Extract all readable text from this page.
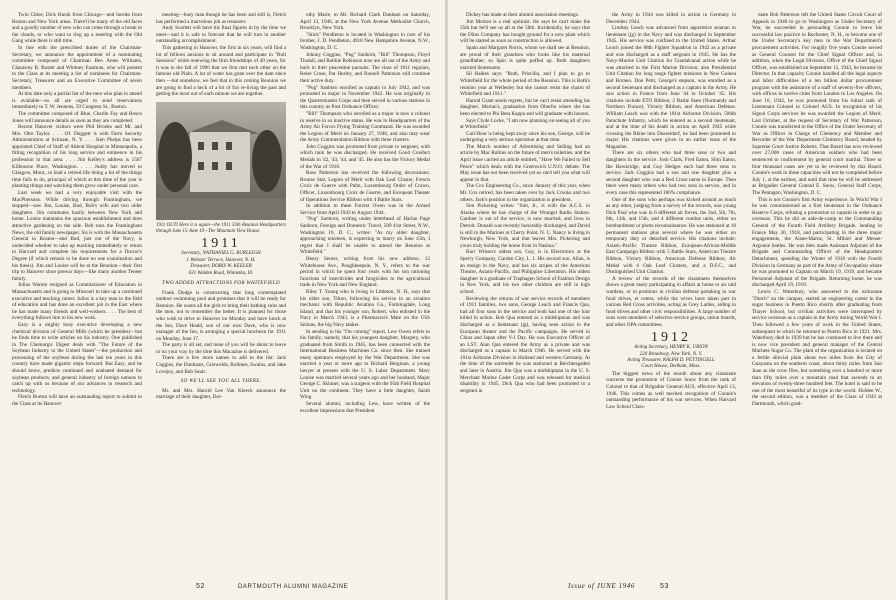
Twin Cities; Dick Hursh from Chicago—and hordes from Boston and New York areas. There'll be many of the old faces and a goodly number of new who can come through a break in the clouds, or who want to ring up a meeting with the Old Gang while there is still time.

In line with the prescribed duties of the Chairman-Secretary, we announce the appointment of a nominating committee composed of Chairman Ben Ames Williams, Chauncey B. Baxter and Whitney Eastman, who will present to the Class at its meeting a list of nominees for Chairman-Secretary, Treasurer and an Executive Committee of seven members.

At this date only a partial list of the men who plan to attend is available—so all are urged to send reservations immediately to T. W. Jennens, 59 Congress St., Boston.

The committee composed of Blue, Charlie Fay and Bosco Jones will announce details as soon as they are completed.

Recent Hanover visitors were Phil Brooks and Mr. and Mrs. Otto Taylor. . . . Of. Doggett is with Farm Security Administration at Scituate, N. Y. . . . Ken Phelps has been appointed Chief of Staff of Abbott Hospital in Minneapolis, a fitting recognition of his long service and eminence in his profession in that area. . . . Jim Kelley's address is 1507 Kilbourne Place, Washington. . . . Juddy has moved to Glasgow, Mont., to lead a retired life doing a lot of the things time fails to do, principal of which at this time of the year is planting things and watching them grow under personal care.

Last week we had a very enjoyable visit with the MacPhersons. While driving through Framingham, we stopped—saw Jim, Louise, Bud, Bob's wife and two older daughters. Jim commutes busily between New York and home. Louise maintains the spacious establishment and does attractive gardening on the side. Bob runs the Framingham News, the old family newspaper. Sis is with the Massachusetts General in Boston—and Bud, just out of the Navy, is undecided whether to take up teaching immediately or return to Harvard and complete his requirements for a Doctor's Degree (if which remain to be done no one examination and his thesis). Jim and Louise will be at the Reunion—their first trip to Hanover since prewar days—like many another Teneer family.

Julius Warren resigned as Commissioner of Education in Massachusetts and is going to Missouri to take up a continued executive and teaching career. Julius is a key man in the field of education and has done an excellent job in the East where he has made many friends and well-wishers. . . . The best of everything follows him to his new work.

Easy is a mighty busy executive developing a new chemical division of General Mills (which he presides)—but he finds time to write articles on his industry. One published in The Chemurgic Digest deals with "The Future of the Soybean Industry in the United States"—the production and processing of the soybean during the last ten years in this country have made gigantic steps forward. But Easy, and he should know, predicts continued and unabated demand for soybean products, and general industry of foreign nations to catch up with us because of our advances in research and technology.

Fletch Burton will have an outstanding report to submit to the Class at its Hanover

meeting—busy man though he has been and still is, Fletch has performed a marvelous job as treasurer.

Andy Scarlett will have his final figures in by the time we meet—and it is safe to forecast that he will turn in another outstanding accomplishment.

This gathering in Hanover, the first in six years, will find a lot of fellows anxious to sit around and participate in "Bull Sessions" while renewing the firm friendships of 40 years, for it was in the fall of 1906 that we first met each other on the famous old Plain. A lot of water has gone over the dam since then —but somehow, we feel that in this coming Reunion we are going to find a heck of a lot of fun re-living the past and getting the most out of each minute we are together.

1911 OUTI Here it is again—the 1911 35th Reunion Headquarters through June 15-June 19—The Mountain View House.
1911
Secretary, NATHANIEL G. BURLEIGH
1 Webster Terrace, Hanover, N. H.
Treasurer, DORIS W. KEELER
631 Walden Road, Winnetka, Ill.
TWO ADDED ATTRACTIONS FOR WHITEFIELD

Frank Dodge is constructing that long contemplated outdoor swimming pool and promises that it will be ready for Reunion. He wants all the girls to bring their bathing suits and the men, not to remember the better. It is planned for those who wish to drive to Hanover on Monday and have lunch at the Inn, Dave Heald, son of our own Dave, who is now manager of the Inn, is arranging a special luncheon for 1911 on Monday, June 17.

The party is all set, and none of you will be about to leave or on your way by the time this Macazine is delivered.

There are a few more names to add to the list: Jack Coggins, the Dunhams, Griswolds, Rollmes, Swains, and Jake Lovejoy, and Bob Saulc.

SO WE'LL SEE YOU ALL THERE.

Mr. and Mrs. Harold Lee Van Kleeck announce the marriage of their daughter, Dor-

othy Marie, to Mr. Richard Clark Dunham on Saturday, April 13, 1946, at the New York Avenue Methodist Church, Brooklyn, New York.

"Stick" Pendleton is located in Washington in care of his brother, J. D. Pendleton, 4918 New Hampshire Avenue, N.W., Washington, D. C.

Johnny Coggins, "Pug" Sanborn, "Bill" Thompson, Floyd Tindall, and Robbie Robinson now are all out of the Army and back in their peacetime pursuits. The class of 1911 regulars, Reise Cruse, Pat Hurley, and Russell Patterson still continue their active duty.

"Pug" Sanborn enrolled as captain in July 1942, and was promoted to major in November 1942. He was originally in the Quartermaster Corps and then served in various stations in this country as Post Ordnance Officer.

"Bill" Thompson who enrolled as a major is now a colonel in reserve in so inactive status. He was in Headquarters of the Army Air Forces Flying Training Command. He was awarded the Legion of Merit on January 27, 1946, and also may wear the Army Commendation Ribbon with three clusters.

John Coggins was promoted from private to sergeant, with which rank he was discharged. He received Good Conduct Medals in '42, '43, '44, and '45. He also has the Victory Medal of the War of 1918.

Ross Patterson has received the following decorations: Bronze Star, Legion of Merit with Oak Leaf Cluster, French Croix de Guerre with Palm, Luxembourg Order of Crown, Officer, Luxembourg Croix de Guerre, and European Theater of Operations Service Ribbon with 4 Battle Stars.

In addition to these Forrest Owen was in the Armed Service from April 1943 to August 1944.

"Pug" Sanborn, writing under letterhead of Harlan Page Sanborn, Foreign and Domestic Travel, 509 41st Street, N.W., Washington 16, D. C., writes: "As my older daughter, approaching nineteen, is expecting to marry on June 15th, I regret that I shall be unable to attend the Reunion at Whitefield."

Henry Seurer, writing from his new address, 12 Whitehouse Ave., Poughkeepsie, N. Y., refers to the war period in which he spent four years with his son rationing functions of insecticides and fungicides to the agricultural trade in New York and New England.

Riley T. Young who is living in Littleton, N. H., says that his older son, Tilton, following his service in an aviation mechanic with Republic Aviation Co., Farmingdale, Long Island, and that his younger son, Robert, who enlisted in the Navy in March 1943, is a Pharmacist's Mate on the USS Selinas, the big Navy tanker.

In sending in his "I'm coming" report, Lew Owen refers to his family; namely, that his youngest daughter, Margery, who graduated from Smith in 1945, has been connected with the International Business Machines Co. since then. She trained many operators employed by the War Department. She was married a year or more ago to Richard Bergman, a young lawyer at present with the U. S. Labor Department. Mary Louise was married several years ago and her husband, Major George C. Skinner, was a surgeon with the 95th Field Hospital Unit on the continent. They have a little daughter, Sarah Wing.

Several alumni, including Lew, have written of the excellent impressions that President

52	DARTMOUTH ALUMNI MAGAZINE

Dickey has made at their alumni association meetings.

Jim Morton is a real optimist. He says he can't make the 35th but he'll see us all at the 50th. Incidentally, he says that the Dilos Company has bought ground for a new plant which will be started as soon as construction is allowed.

Spain and Margaret Norris, whom we shall see at Reunion, are proud of their grandson who looks like his maternal grandfather, so Spin is quite puffed up. Both daughters married lieutenants.

Sil Raikes says: "Ruth, Priscilla, and I plan to go to Whitefield for the whole period of the Reunion. This is Ruth's reunion year at Wellesley but she cannot resist the charm of Whitefield and 1911."

Harold Grant sends regrets, but he can't resist attending his daughter, Marian's, graduation from Oberlin where she has been elected to Phi Beta Kappa and will graduate with honors.

Says Clyde Locke, "I am now planning on seeing all of you at Whitefield."

Carl Hour is being kept away since his son, George, will be undergoing a very serious operation at that time.

The March number of Advertising and Selling had an article by Mac Rollins on the future of men's toiletries, and the April issue carried an article entitled, "Have We Failed to Sell Peace" which deals with the Greenwich U.N.O. debate. The May issue has not been received yet so can't tell you what will appear in that.

The Cox Engineering Co., since January of this year, when Mr. Cox retired, has been taken over by Jack Crooks and two others. Jack's position in the organization is president.

Sim Pickering writes: "Sim, Jr., is with the A.C.S. in Alaska where he has charge of the Wrangel Radio Station. Gardner is out of the service, is now married, and lives in Detroit. Donald was recently honorably discharged, and David is still in the Marines at Cherry Point, N. C. Nancy is living in Newburgh, New York, and that leaves Mrs. Pickering and yours truly holding the home front in Nashua."

Burr Wilson's oldest son, Guy, is in Electronics at the Sperry Company, Garden City, L. I. His second son, Allan, is an ensign in the Navy, and has six stripes of the American Theatre, Asiatic-Pacific, and Philippine Liberation. His oldest daughter is a graduate of Traphagen School of Fashion Design in New York, and his two other children are still in high school.

Reviewing the returns of war service records of members of 1911 families, two sons, George Leach and Francis Qua, had all four sons in the service and both had one of the four killed in action. Bob Qua entered as a midshipman and was discharged as a lieutenant (jg), having seen action in the European theater and the Pacific campaigns. He served in China and Japan after V-J Day. He was Executive Officer of an LST. Alan Qua entered the Army as a private and was discharged as a captain in March 1946. He served with the 101st Airborne Division in Holland and western Germany. At the time of the surrender he was stationed at Berchtesgaden and later in Austria. Jim Qua was a midshipman in the U. S. Merchant Marine Cadet Corps and was released for medical disability in 1945. Dick Qua who had been promoted to a sergeant in

the Army in 1944 was killed in action in Germany in December 1944.

Lindsay Leach was advanced from apprentice seaman to lieutenant (jg) in the Navy and was discharged in September 1945. His service was confined to the United States. Arthur Leach joined the 88th Fighter Squadron in 1942 as a private and was discharged as a staff sergeant in 1945. He has the Navy-Marine Unit Citation for Guadalcanal action while he was attached to the First Marine Division; also Presidential Unit Citation for long range fighter missions in New Guinea and Borneo. Don Petit, George's stepson, was enrolled as a second lieutenant and discharged as a captain in the Army. He saw action in France from June '44 to October '45. His citations include ETO Ribbon; 2 Battle Stars (Normandy and Northern France), Victory Ribbon, and American Defense. William Leach was with the 101st Airborne Division, 506th Parachute Infantry, which he entered as a second lieutenant, and at the time of his death in action on April 1945 while crossing the Rhine into Dusseldorf, he had been promoted to major. His citations were given in an earlier issue of the Magazine.

There are six others who had three sons or two and daughters in the service. Josh Clark, Fred Eaton, Slim Eaton, Ike Hawkridge, and Guy Hedges each had three sons in service. Jack Coggins had a son and one daughter plus a second daughter who was a Red Cross nurse in Europe. Then there were many others who had two sons in service, and in every case this represented 100% compliance.

One of the sons who perhaps was kicked around as much as any other, judging from a survey of the records, was young Dick Paul who was in 6 different air forces, the 2nd, 5th, 7th, 8th, 12th, and 15th, and 4 different combat units, either on bombardment or photo reconnaissance. He was stationed at 18 permanent stations plus several where he was either on temporary duty or detached service. His citations include: Asiatic-Pacific Theatre Ribbon, European-African-Middle East Campaign Ribbon with 5 Battle Stars, American Theatre Ribbon, Victory Ribbon, American Defense Ribbon, Air Medal with 6 Oak Leaf Clusters, and a D.F.C., and Distinguished Unit Citation.

A review of the records of the classmates themselves shows a great many participating in affairs at home or air raid wardens, or in positions in civilian defense partaking in war fund drives, et cetera, while the wives have taken part in various Red Cross activities, acting as Grey Ladies, aiding in fund drives and other civic responsibilities. A large number of sons were members of selective service groups, ration boards, and other OPA committees.

1912
Acting Secretary, HENRY K. URION
220 Broadway, New York, N. Y.
Acting Treasurer, RALPH D. PETTINGELL
Court House, Dedham, Mass.

The biggest news of the month about any classmate concerns the promotion of Connie Snow from the rank of Colonel to that of Brigadier General AUS, effective April 13, 1946. This comes as well merited recognition of Connie's outstanding performance of his war services. When Harvard Law School Class-

mate Bob Patterson left the United States Circuit Court of Appeals in 1940 to go to Washington as Under Secretary of War, he succeeded in persuading Connie to leave his successful law practice in Rochester, N. H., to become one of the Under Secretary's key men in the War Department's procurement activities. For roughly five years Connie served as General Counsel for the Chief Signal Officer and, in addition, when the Legal Division, Office of the Chief Signal Officer, was established on September 15, 1943, he became its Director. In that capacity Connie handled all the legal aspects and labor difficulties of a ten billion dollar procurement program with the assistance of a staff of seventy-five officers, with offices in twelve cities from London to Los Angeles. On June 16, 1942, he was promoted from his initial rank of Lieutenant Colonel to Colonel AUS. In recognition of his Signal Corps services he was awarded the Legion of Merit. Last October, at the request of Secretary of War Patterson, Connie was transferred to the Office of the Under Secretary of War as Officer in Charge of Clemency and Member and Recorder of the War Department Clemency Board, headed by Supreme Court Justice Roberts. That Board has now reviewed over 27,000 cases of American soldiers who had been sentenced to confinement by general court martial. Three or four thousand cases are yet to be reviewed by this Board. Connie's work in these capacities will not be completed before July 1, at the earliest, and until that time he will be addressed as Brigadier General Conrad E. Snow, General Staff Corps, The Pentagon, Washington, D. C.

This is not Connie's first Army experience. In World War I he was commissioned as a first lieutenant in the Ordnance Reserve Corps, refusing a promotion to captain in order to go overseas. This he did as aide-de-camp to the Commanding General of the Fourth Field Artillery Brigade, landing in France May 30, 1918, and participating in the three major engagements, the Aisne-Marne, St. Mihiel and Meuse-Argonne battles. He was then made Assistant Adjutant of the Brigade and Commanding Officer of the Headquarters Detachment, spending the Winter of 1918 with the Fourth Division in Germany as part of the Army of Occupation where he was promoted to Captain on March 19, 1919, and became Personnel Adjutant of the Brigade. Returning home, he was discharged April 19, 1919.

Lewis C. Waterbury, who answered to the nickname "Dutch" on the campus, started an engineering career in the sugar business in Puerto Rico shortly after graduating from Thayer School, but civilian activities were interrupted by service overseas as a captain in the Army during World War I. Then followed a few years of work in the United States, subsequent to which he returned to Puerto Rico in 1921. Mrs. Waterbury died in 1939 but he has continued to live there and is now vice president and general manager of the Central Machete Sugar Co. The plant of the organization is located on a fertile alluvial plain about two miles from the City of Guayama on the southern coast, about thirty miles from San Juan as the crow flies, but something over a hundred or more than fifty miles over a mountain road that ascends to an elevation of twenty-three hundred feet. The hotel is said to be one of the most beautiful of its type in the world. Holden W., the second edition, was a member of the Class of 1943 at Dartmouth, which grad-

Issue of JUNE 1946	53
